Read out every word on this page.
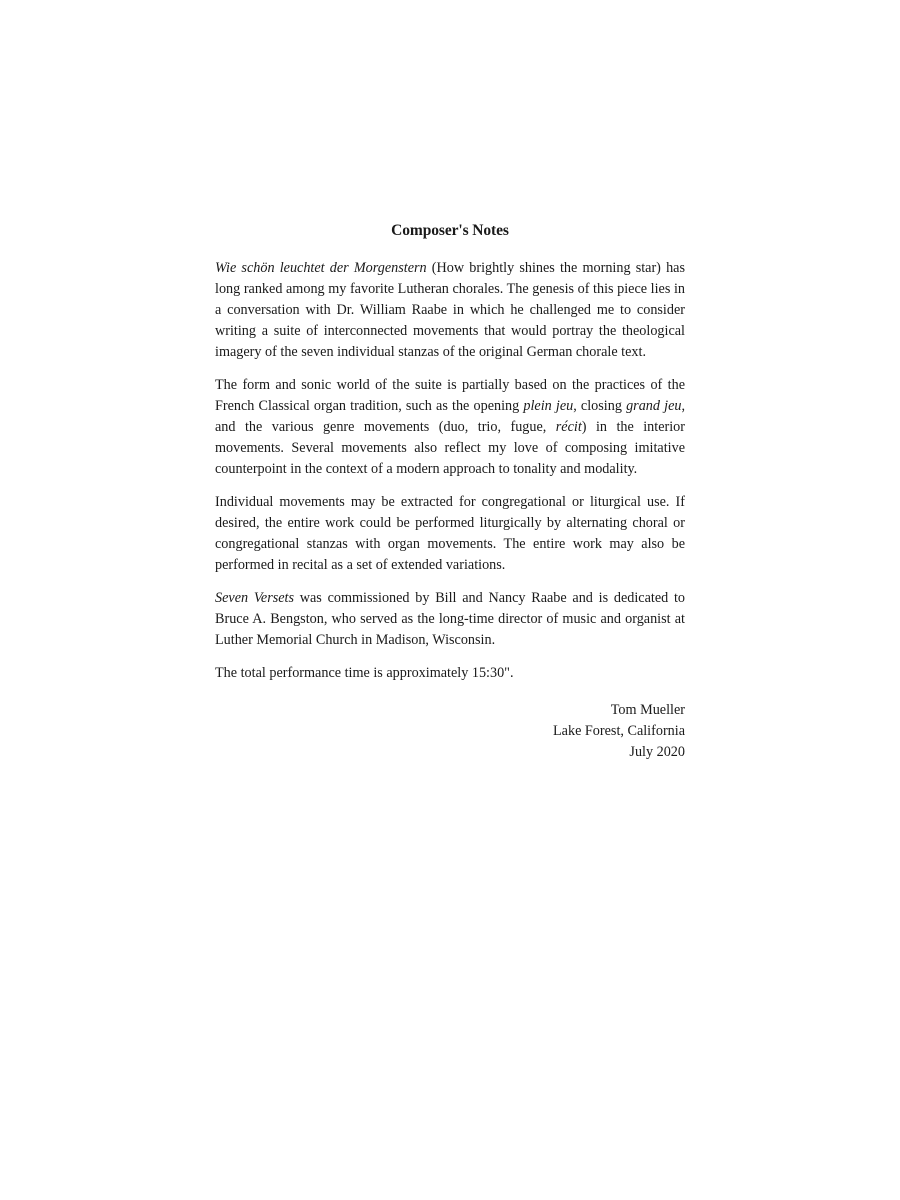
Composer's Notes

Wie schön leuchtet der Morgenstern (How brightly shines the morning star) has long ranked among my favorite Lutheran chorales. The genesis of this piece lies in a conversation with Dr. William Raabe in which he challenged me to consider writing a suite of interconnected movements that would portray the theological imagery of the seven individual stanzas of the original German chorale text.

The form and sonic world of the suite is partially based on the practices of the French Classical organ tradition, such as the opening plein jeu, closing grand jeu, and the various genre movements (duo, trio, fugue, récit) in the interior movements. Several movements also reflect my love of composing imitative counterpoint in the context of a modern approach to tonality and modality.

Individual movements may be extracted for congregational or liturgical use. If desired, the entire work could be performed liturgically by alternating choral or congregational stanzas with organ movements. The entire work may also be performed in recital as a set of extended variations.

Seven Versets was commissioned by Bill and Nancy Raabe and is dedicated to Bruce A. Bengston, who served as the long-time director of music and organist at Luther Memorial Church in Madison, Wisconsin.

The total performance time is approximately 15:30".

Tom Mueller
Lake Forest, California
July 2020
